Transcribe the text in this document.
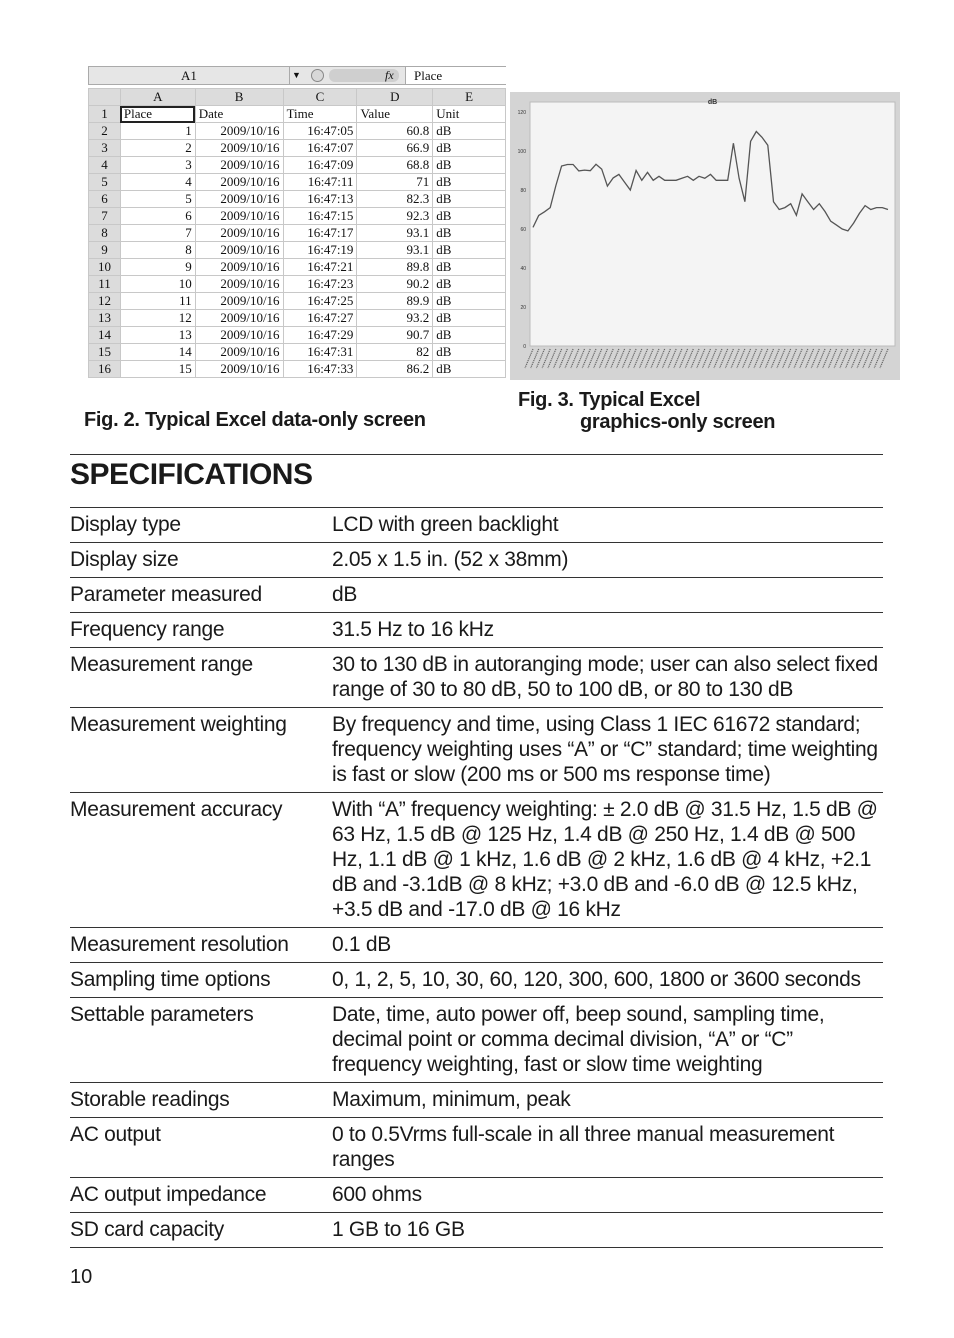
A1	▼	fx	Place
	A	B	C	D	E
1	Place	Date	Time	Value	Unit
2	1	2009/10/16	16:47:05	60.8	dB
3	2	2009/10/16	16:47:07	66.9	dB
4	3	2009/10/16	16:47:09	68.8	dB
5	4	2009/10/16	16:47:11	71	dB
6	5	2009/10/16	16:47:13	82.3	dB
7	6	2009/10/16	16:47:15	92.3	dB
8	7	2009/10/16	16:47:17	93.1	dB
9	8	2009/10/16	16:47:19	93.1	dB
10	9	2009/10/16	16:47:21	89.8	dB
11	10	2009/10/16	16:47:23	90.2	dB
12	11	2009/10/16	16:47:25	89.9	dB
13	12	2009/10/16	16:47:27	93.2	dB
14	13	2009/10/16	16:47:29	90.7	dB
15	14	2009/10/16	16:47:31	82	dB
16	15	2009/10/16	16:47:33	86.2	dB
dB
0
20
40
60
80
100
120
Fig. 2. Typical Excel data-only screen
Fig. 3. Typical Excel
graphics-only screen
SPECIFICATIONS
Display type	LCD with green backlight
Display size	2.05 x 1.5 in. (52 x 38mm)
Parameter measured	dB
Frequency range	31.5 Hz to 16 kHz
Measurement range	30 to 130 dB in autoranging mode; user can also select fixed range of 30 to 80 dB, 50 to 100 dB, or 80 to 130 dB
Measurement weighting	By frequency and time, using Class 1 IEC 61672 standard; frequency weighting uses “A” or “C” standard; time weighting is fast or slow (200 ms or 500 ms response time)
Measurement accuracy	With “A” frequency weighting: ± 2.0 dB @ 31.5 Hz, 1.5 dB @ 63 Hz, 1.5 dB @ 125 Hz, 1.4 dB @ 250 Hz, 1.4 dB @ 500 Hz, 1.1 dB @ 1 kHz, 1.6 dB @ 2 kHz, 1.6 dB @ 4 kHz, +2.1 dB and -3.1dB @ 8 kHz; +3.0 dB and -6.0 dB @ 12.5 kHz, +3.5 dB and -17.0 dB @ 16 kHz
Measurement resolution	0.1 dB
Sampling time options	0, 1, 2, 5, 10, 30, 60, 120, 300, 600, 1800 or 3600 seconds
Settable parameters	Date, time, auto power off, beep sound, sampling time, decimal point or comma decimal division, “A” or “C” frequency weighting, fast or slow time weighting
Storable readings	Maximum, minimum, peak
AC output	0 to 0.5Vrms full-scale in all three manual measurement ranges
AC output impedance	600 ohms
SD card capacity	1 GB to 16 GB
10
